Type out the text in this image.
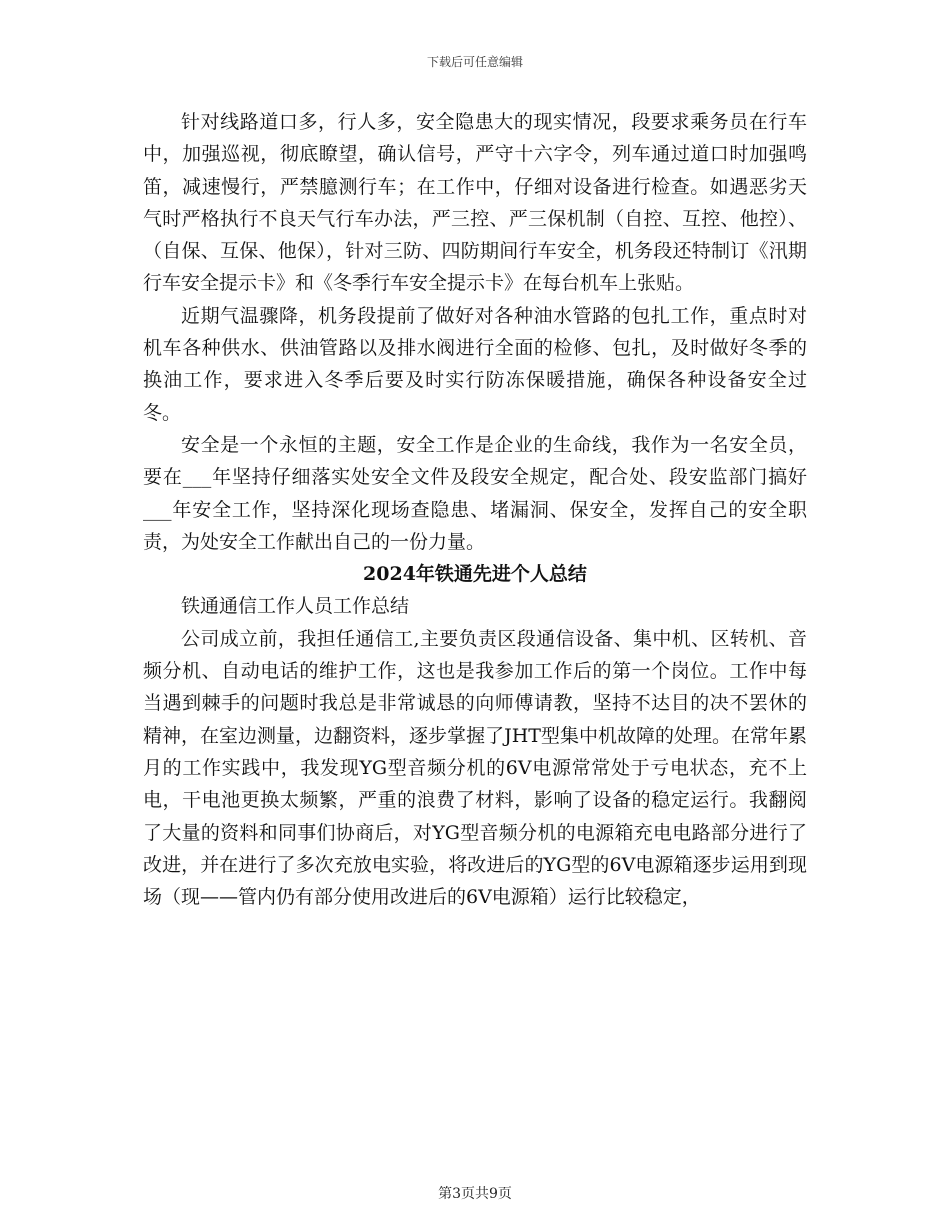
下载后可任意编辑

针对线路道口多，行人多，安全隐患大的现实情况，段要求乘务员在行车中，加强巡视，彻底瞭望，确认信号，严守十六字令，列车通过道口时加强鸣笛，减速慢行，严禁臆测行车；在工作中，仔细对设备进行检查。如遇恶劣天气时严格执行不良天气行车办法，严三控、严三保机制（自控、互控、他控）、（自保、互保、他保），针对三防、四防期间行车安全，机务段还特制订《汛期行车安全提示卡》和《冬季行车安全提示卡》在每台机车上张贴。

近期气温骤降，机务段提前了做好对各种油水管路的包扎工作，重点时对机车各种供水、供油管路以及排水阀进行全面的检修、包扎，及时做好冬季的换油工作，要求进入冬季后要及时实行防冻保暖措施，确保各种设备安全过冬。

安全是一个永恒的主题，安全工作是企业的生命线，我作为一名安全员，要在___年坚持仔细落实处安全文件及段安全规定，配合处、段安监部门搞好___年安全工作，坚持深化现场查隐患、堵漏洞、保安全，发挥自己的安全职责，为处安全工作献出自己的一份力量。

2024年铁通先进个人总结

铁通通信工作人员工作总结

公司成立前，我担任通信工,主要负责区段通信设备、集中机、区转机、音频分机、自动电话的维护工作，这也是我参加工作后的第一个岗位。工作中每当遇到棘手的问题时我总是非常诚恳的向师傅请教，坚持不达目的决不罢休的精神，在室边测量，边翻资料，逐步掌握了JHT型集中机故障的处理。在常年累月的工作实践中，我发现YG型音频分机的6V电源常常处于亏电状态，充不上电，干电池更换太频繁，严重的浪费了材料，影响了设备的稳定运行。我翻阅了大量的资料和同事们协商后，对YG型音频分机的电源箱充电电路部分进行了改进，并在进行了多次充放电实验，将改进后的YG型的6V电源箱逐步运用到现场（现——管内仍有部分使用改进后的6V电源箱）运行比较稳定，

第3页共9页
